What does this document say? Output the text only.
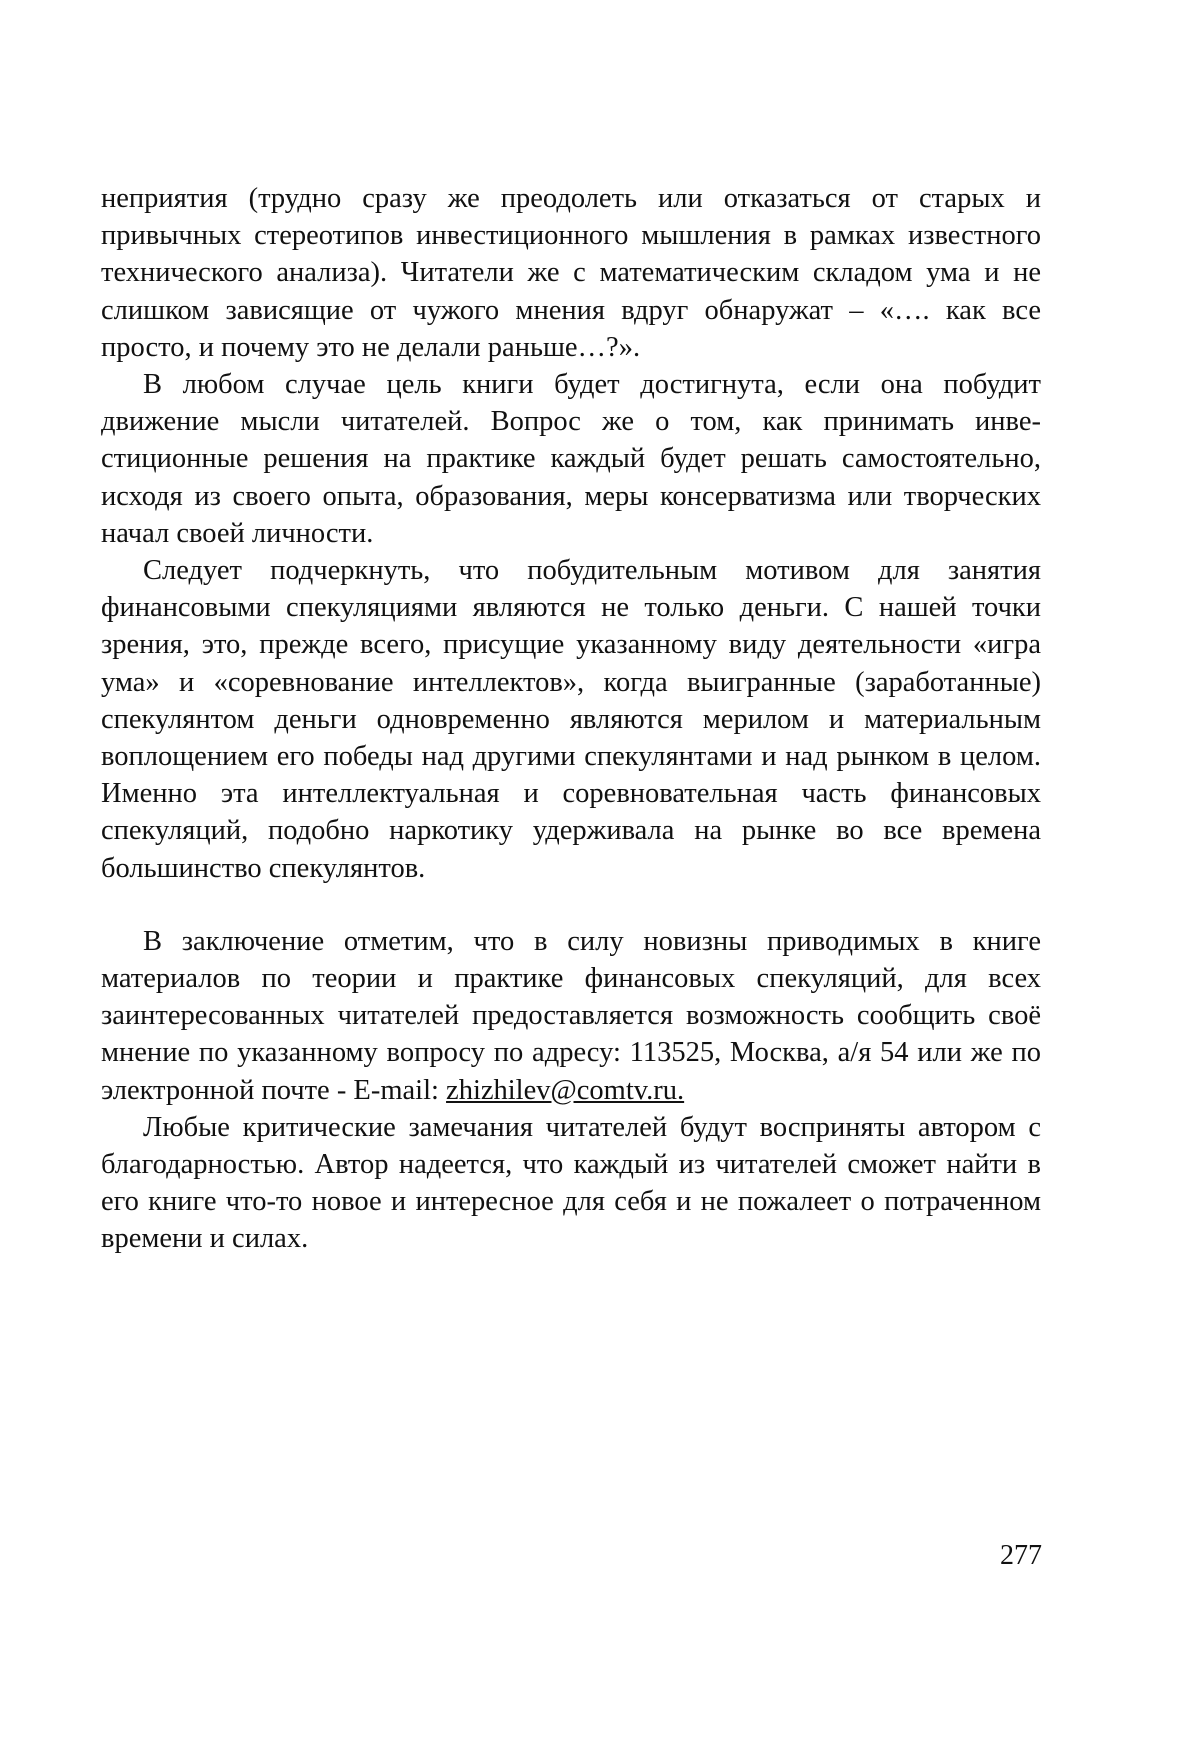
неприятия (трудно сразу же преодолеть или отказаться от старых и привычных стереотипов инвестиционного мышления в рамках известного технического анализа). Читатели же с математическим складом ума и не слишком зависящие от чужого мнения вдруг обнаружат – «…. как все просто, и почему это не делали раньше…?».

В любом случае цель книги будет достигнута, если она побудит движение мысли читателей. Вопрос же о том, как принимать инвестиционные решения на практике каждый будет решать самостоятельно, исходя из своего опыта, образования, меры консерватизма или творческих начал своей личности.

Следует подчеркнуть, что побудительным мотивом для занятия финансовыми спекуляциями являются не только деньги. С нашей точки зрения, это, прежде всего, присущие указанному виду деятельности «игра ума» и «соревнование интеллектов», когда выигранные (заработанные) спекулянтом деньги одновременно являются мерилом и материальным воплощением его победы над другими спекулянтами и над рынком в целом. Именно эта интеллектуальная и соревновательная часть финансовых спекуляций, подобно наркотику удерживала на рынке во все времена большинство спекулянтов.

В заключение отметим, что в силу новизны приводимых в книге материалов по теории и практике финансовых спекуляций, для всех заинтересованных читателей предоставляется возможность сообщить своё мнение по указанному вопросу по адресу: 113525, Москва, а/я 54 или же по электронной почте - E-mail: zhizhilev@comtv.ru.

Любые критические замечания читателей будут восприняты автором с благодарностью. Автор надеется, что каждый из читателей сможет найти в его книге что-то новое и интересное для себя и не пожалеет о потраченном времени и силах.

277
